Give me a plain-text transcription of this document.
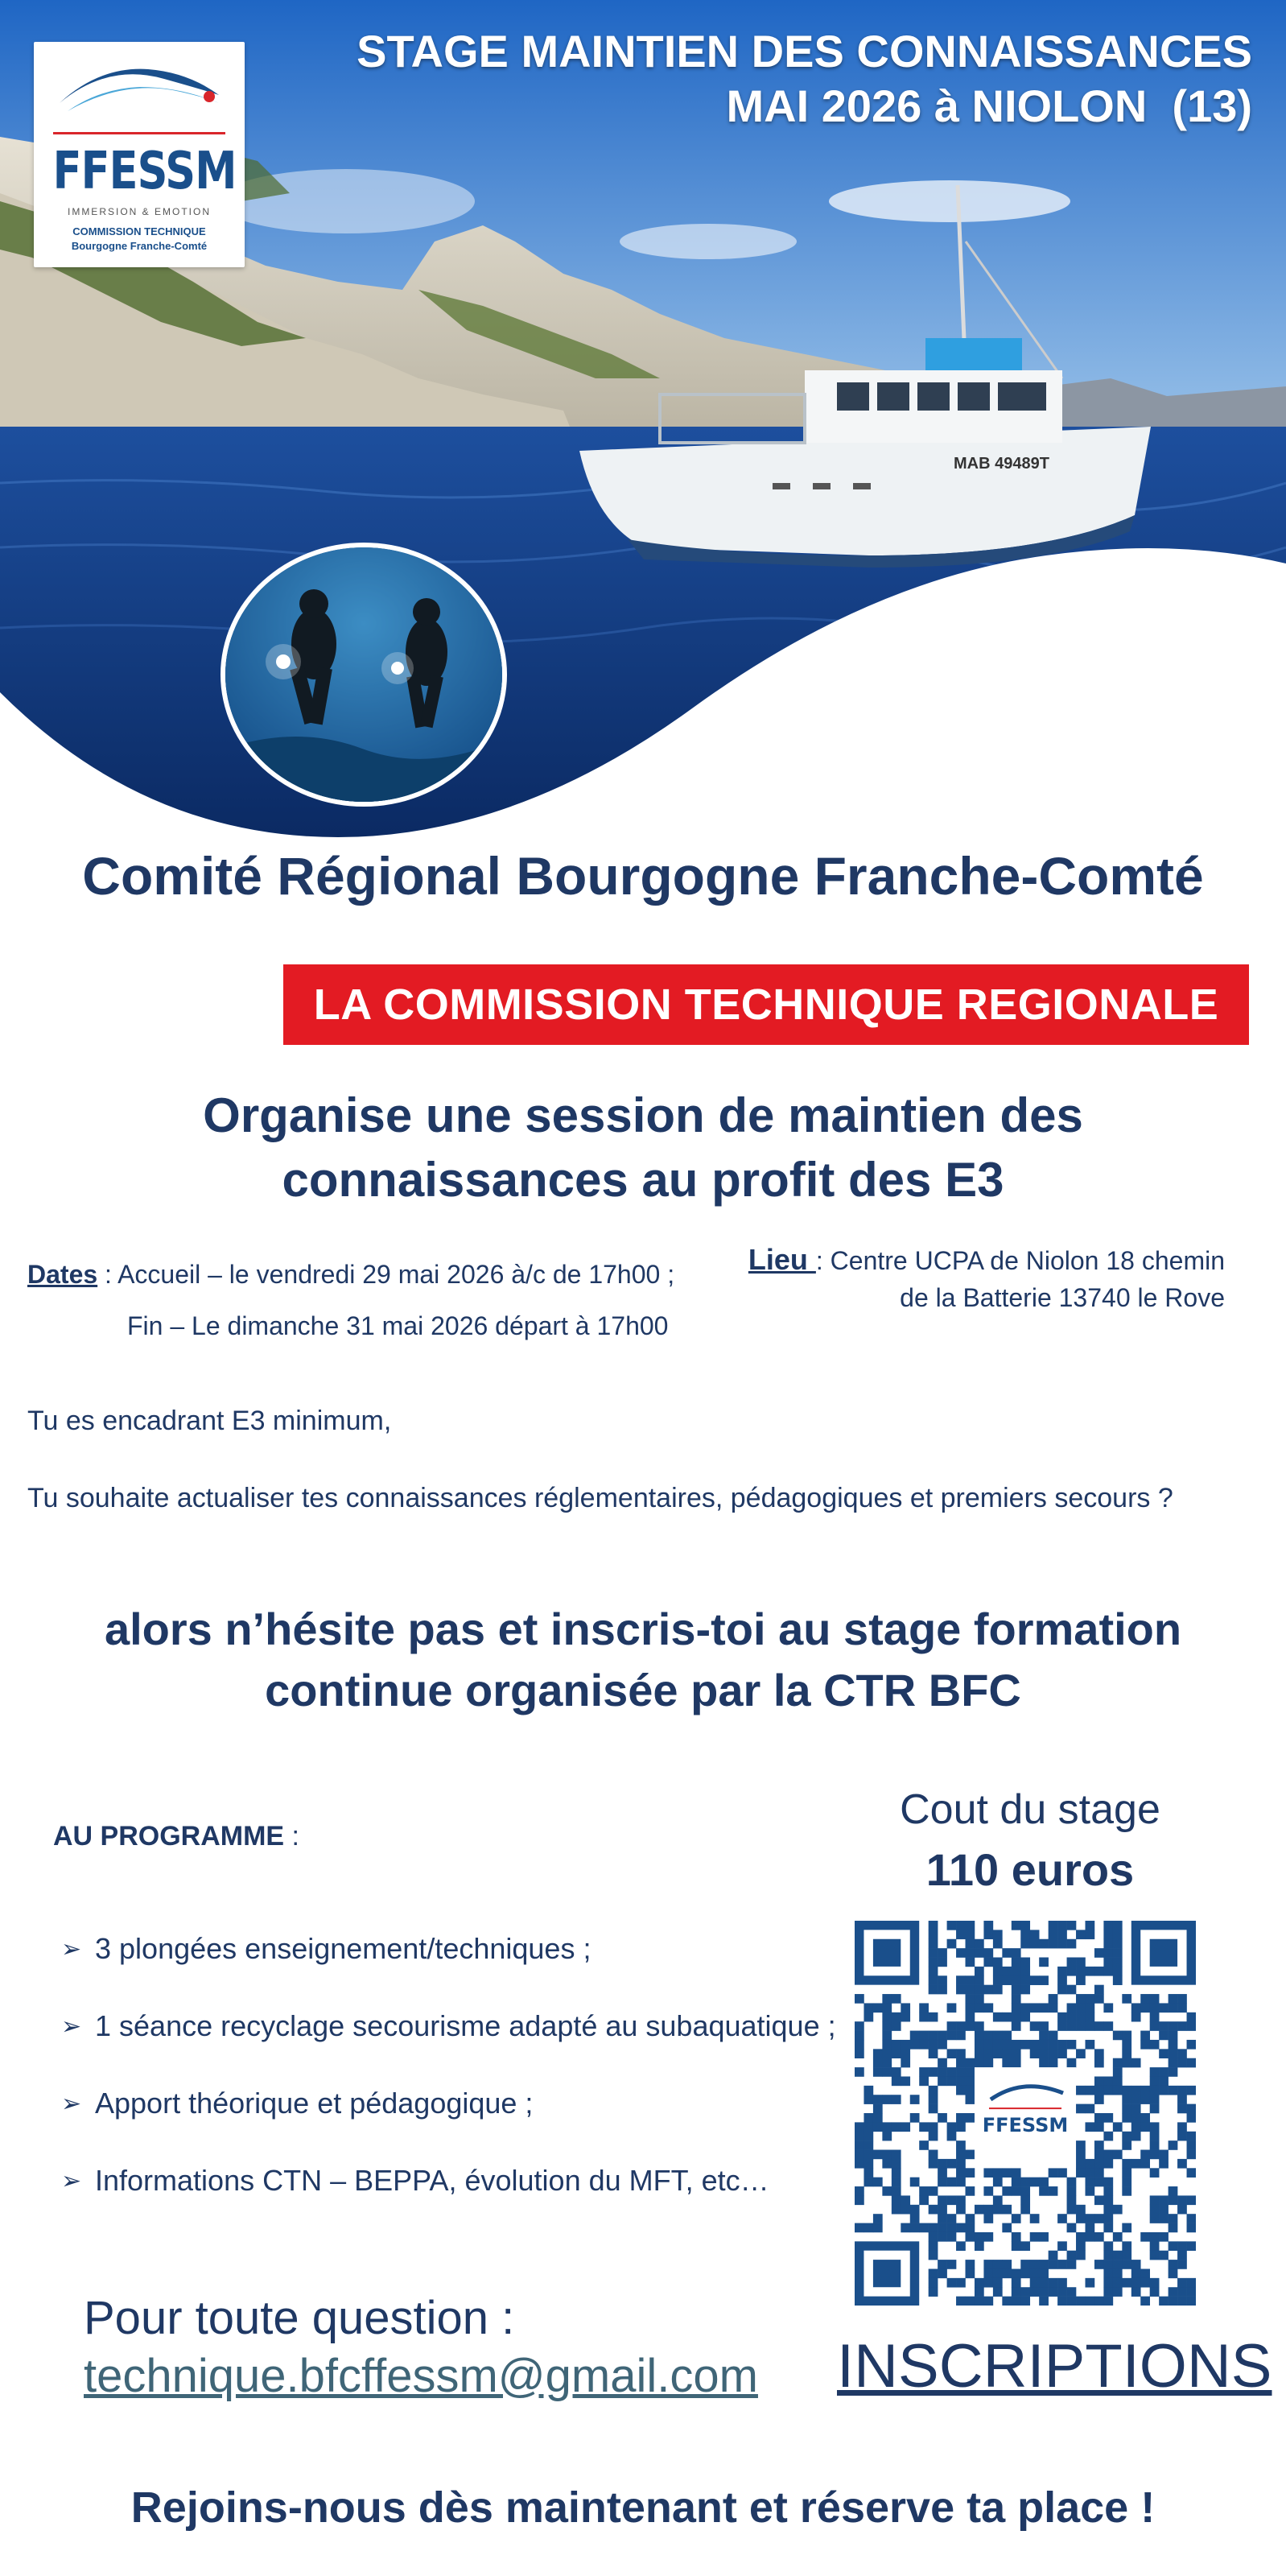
MAB 49489T
FFESSM
IMMERSION & EMOTION
COMMISSION TECHNIQUE
Bourgogne Franche-Comté
STAGE MAINTIEN DES CONNAISSANCES
MAI 2026 à NIOLON  (13)
Comité Régional Bourgogne Franche-Comté
LA COMMISSION TECHNIQUE REGIONALE
Organise une session de maintien des
connaissances au profit des E3
Dates : Accueil – le vendredi 29 mai 2026 à/c de 17h00 ;
Fin – Le dimanche 31 mai 2026 départ à 17h00
Lieu : Centre UCPA de Niolon 18 chemin
de la Batterie 13740 le Rove
Tu es encadrant E3 minimum,
Tu souhaite actualiser tes connaissances réglementaires, pédagogiques et premiers secours ?
alors n’hésite pas et inscris-toi au stage formation
continue organisée par la CTR BFC
AU PROGRAMME :
➢ 3 plongées enseignement/techniques ;
➢ 1 séance recyclage secourisme adapté au subaquatique ;
➢ Apport théorique et pédagogique ;
➢ Informations CTN – BEPPA, évolution du MFT, etc…
Cout du stage
110 euros
FFESSM
Pour toute question :
technique.bfcffessm@gmail.com INSCRIPTIONS
Rejoins-nous dès maintenant et réserve ta place !
